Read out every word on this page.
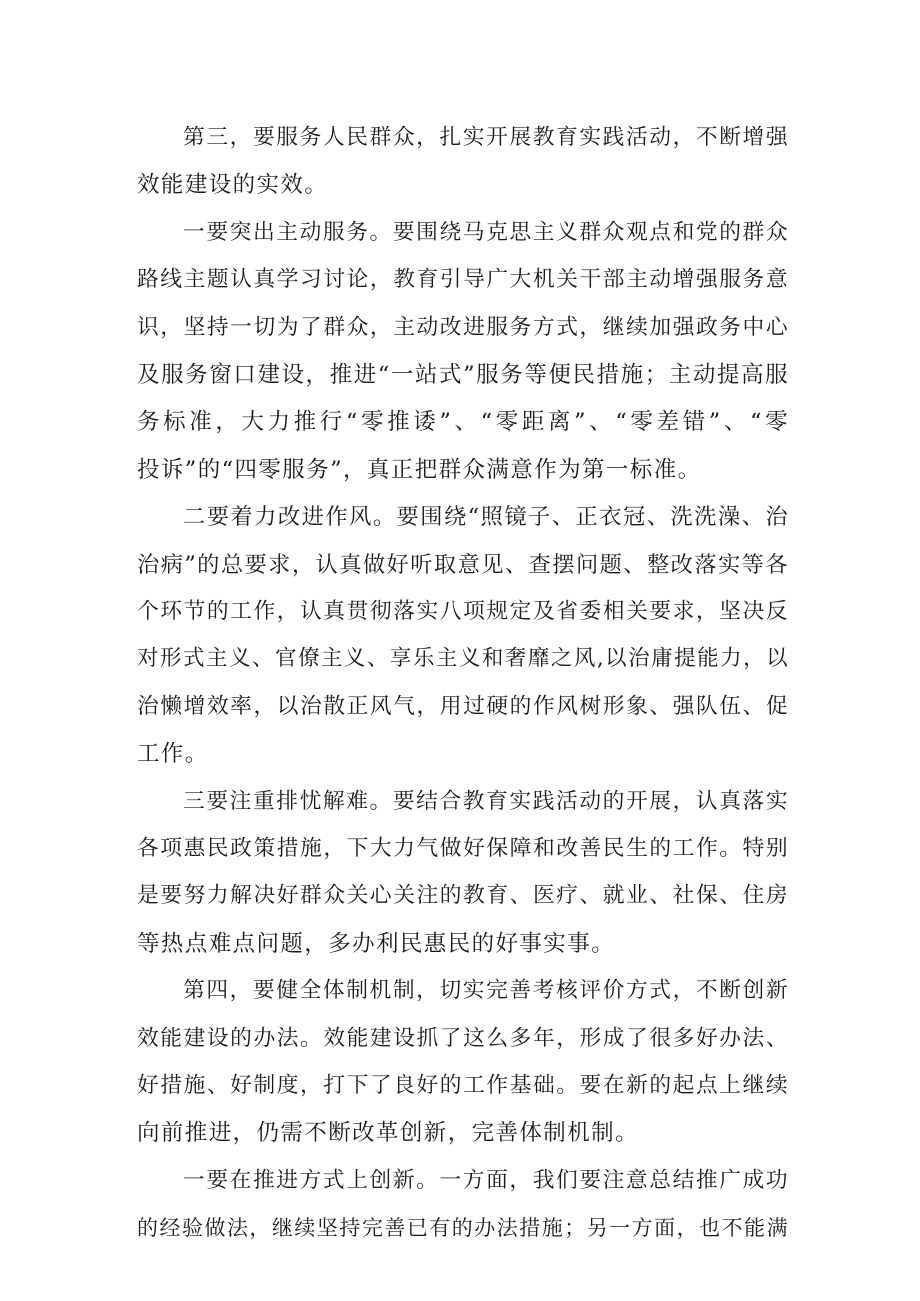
第三，要服务人民群众，扎实开展教育实践活动，不断增强
效能建设的实效。
一要突出主动服务。要围绕马克思主义群众观点和党的群众
路线主题认真学习讨论，教育引导广大机关干部主动增强服务意
识，坚持一切为了群众，主动改进服务方式，继续加强政务中心
及服务窗口建设，推进“一站式”服务等便民措施；主动提高服
务标准，大力推行“零推诿”、“零距离”、“零差错”、“零
投诉”的“四零服务”，真正把群众满意作为第一标准。
二要着力改进作风。要围绕“照镜子、正衣冠、洗洗澡、治
治病”的总要求，认真做好听取意见、查摆问题、整改落实等各
个环节的工作，认真贯彻落实八项规定及省委相关要求，坚决反
对形式主义、官僚主义、享乐主义和奢靡之风,以治庸提能力，以
治懒增效率，以治散正风气，用过硬的作风树形象、强队伍、促
工作。
三要注重排忧解难。要结合教育实践活动的开展，认真落实
各项惠民政策措施，下大力气做好保障和改善民生的工作。特别
是要努力解决好群众关心关注的教育、医疗、就业、社保、住房
等热点难点问题，多办利民惠民的好事实事。
第四，要健全体制机制，切实完善考核评价方式，不断创新
效能建设的办法。效能建设抓了这么多年，形成了很多好办法、
好措施、好制度，打下了良好的工作基础。要在新的起点上继续
向前推进，仍需不断改革创新，完善体制机制。
一要在推进方式上创新。一方面，我们要注意总结推广成功
的经验做法，继续坚持完善已有的办法措施；另一方面，也不能满
